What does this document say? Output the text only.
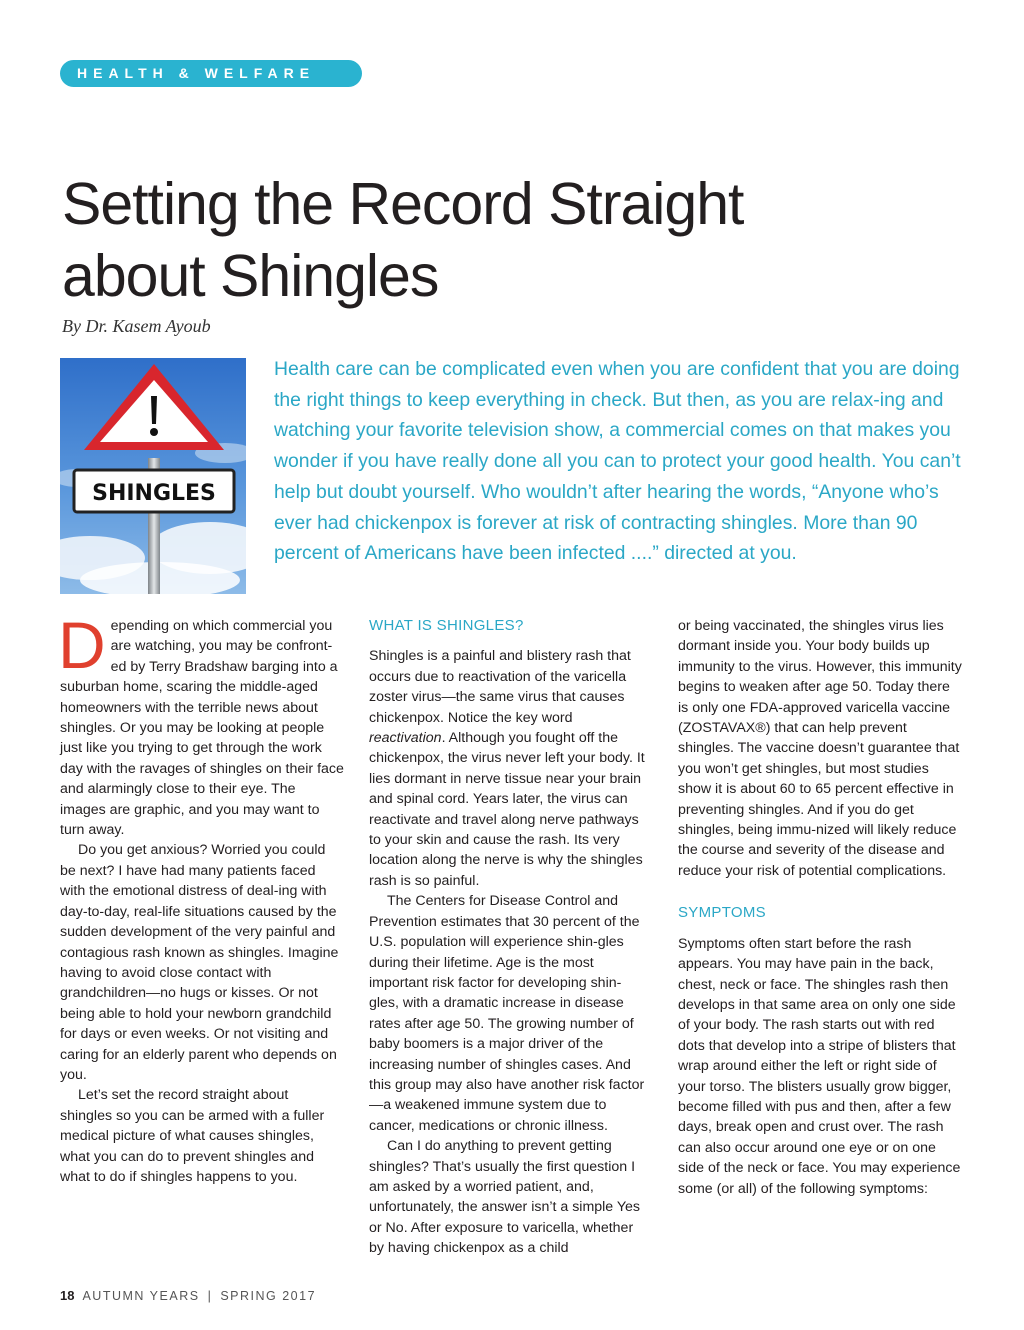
HEALTH & WELFARE
Setting the Record Straight
about Shingles
By Dr. Kasem Ayoub
SHINGLES

Health care can be complicated even when you are confident that you are doing the right things to keep everything in check. But then, as you are relax-ing and watching your favorite television show, a commercial comes on that makes you wonder if you have really done all you can to protect your good health. You can’t help but doubt yourself. Who wouldn’t after hearing the words, “Anyone who’s ever had chickenpox is forever at risk of contracting shingles. More than 90 percent of Americans have been infected ....” directed at you.

Depending on which commercial you are watching, you may be confront-ed by Terry Bradshaw barging into a suburban home, scaring the middle-aged homeowners with the terrible news about shingles. Or you may be looking at people just like you trying to get through the work day with the ravages of shingles on their face and alarmingly close to their eye. The images are graphic, and you may want to turn away.

Do you get anxious? Worried you could be next? I have had many patients faced with the emotional distress of deal-ing with day-to-day, real-life situations caused by the sudden development of the very painful and contagious rash known as shingles. Imagine having to avoid close contact with grandchildren—no hugs or kisses. Or not being able to hold your newborn grandchild for days or even weeks. Or not visiting and caring for an elderly parent who depends on you.

Let’s set the record straight about shingles so you can be armed with a fuller medical picture of what causes shingles, what you can do to prevent shingles and what to do if shingles happens to you.

WHAT IS SHINGLES?

Shingles is a painful and blistery rash that occurs due to reactivation of the varicella zoster virus—the same virus that causes chickenpox. Notice the key word reactivation. Although you fought off the chickenpox, the virus never left your body. It lies dormant in nerve tissue near your brain and spinal cord. Years later, the virus can reactivate and travel along nerve pathways to your skin and cause the rash. Its very location along the nerve is why the shingles rash is so painful.

The Centers for Disease Control and Prevention estimates that 30 percent of the U.S. population will experience shin-gles during their lifetime. Age is the most important risk factor for developing shin-gles, with a dramatic increase in disease rates after age 50. The growing number of baby boomers is a major driver of the increasing number of shingles cases. And this group may also have another risk factor—a weakened immune system due to cancer, medications or chronic illness.

Can I do anything to prevent getting shingles? That’s usually the first question I am asked by a worried patient, and, unfortunately, the answer isn’t a simple Yes or No. After exposure to varicella, whether by having chickenpox as a child

or being vaccinated, the shingles virus lies dormant inside you. Your body builds up immunity to the virus. However, this immunity begins to weaken after age 50. Today there is only one FDA-approved varicella vaccine (ZOSTAVAX®) that can help prevent shingles. The vaccine doesn’t guarantee that you won’t get shingles, but most studies show it is about 60 to 65 percent effective in preventing shingles. And if you do get shingles, being immu-nized will likely reduce the course and severity of the disease and reduce your risk of potential complications.

SYMPTOMS

Symptoms often start before the rash appears. You may have pain in the back, chest, neck or face. The shingles rash then develops in that same area on only one side of your body. The rash starts out with red dots that develop into a stripe of blisters that wrap around either the left or right side of your torso. The blisters usually grow bigger, become filled with pus and then, after a few days, break open and crust over. The rash can also occur around one eye or on one side of the neck or face. You may experience some (or all) of the following symptoms:

18 AUTUMN YEARS | SPRING 2017
